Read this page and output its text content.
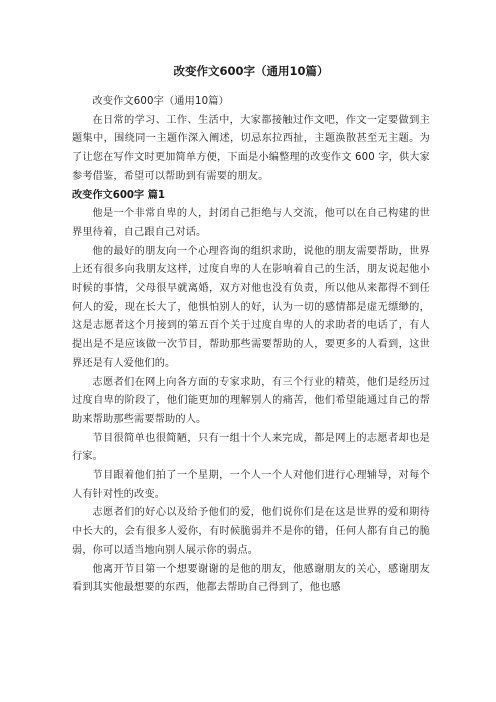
改变作文600字（通用10篇）

改变作文600字（通用10篇）

在日常的学习、工作、生活中，大家都接触过作文吧，作文一定要做到主题集中，围绕同一主题作深入阐述，切忌东拉西扯，主题涣散甚至无主题。为了让您在写作文时更加简单方便，下面是小编整理的改变作文 600 字，供大家参考借鉴，希望可以帮助到有需要的朋友。

改变作文600字 篇1

他是一个非常自卑的人，封闭自己拒绝与人交流，他可以在自己构建的世界里待着，自己跟自己对话。

他的最好的朋友向一个心理咨询的组织求助，说他的朋友需要帮助，世界上还有很多向我朋友这样，过度自卑的人在影响着自己的生活，朋友说起他小时候的事情，父母很早就离婚，双方对他也没有负责，所以他从来都得不到任何人的爱，现在长大了，他惧怕别人的好，认为一切的感情都是虚无缥缈的，这是志愿者这个月接到的第五百个关于过度自卑的人的求助者的电话了，有人提出是不是应该做一次节目，帮助那些需要帮助的人，要更多的人看到，这世界还是有人爱他们的。

志愿者们在网上向各方面的专家求助，有三个行业的精英，他们是经历过过度自卑的阶段了，他们能更加的理解别人的痛苦，他们希望能通过自己的帮助来帮助那些需要帮助的人。

节目很简单也很简陋，只有一组十个人来完成，都是网上的志愿者却也是行家。

节目跟着他们拍了一个星期，一个人一个人对他们进行心理辅导，对每个人有针对性的改变。

志愿者们的好心以及给予他们的爱，他们说你们是在这是世界的爱和期待中长大的，会有很多人爱你，有时候脆弱并不是你的错，任何人都有自己的脆弱，你可以适当地向别人展示你的弱点。

他离开节目第一个想要谢谢的是他的朋友，他感谢朋友的关心，感谢朋友看到其实他最想要的东西，他都去帮助自己得到了，他也感
